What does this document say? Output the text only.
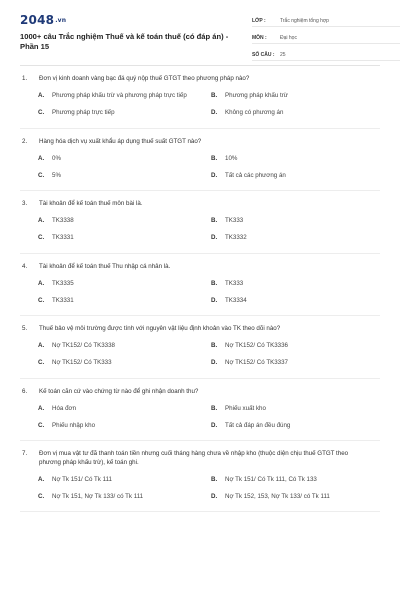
2048.vn
1000+ câu Trắc nghiệm Thuế và kế toán thuế (có đáp án) - Phần 15
LỚP :	Trắc nghiệm tổng hợp
MÔN :	Đại học
SỐ CÂU :	25
1.	Đơn vị kinh doanh vàng bạc đá quý nộp thuế GTGT theo phương pháp nào?
A.	Phương pháp khấu trừ và phương pháp trực tiếp	B.	Phương pháp khấu trừ
C.	Phương pháp trực tiếp	D.	Không có phương án
2.	Hàng hóa dịch vụ xuất khẩu áp dụng thuế suất GTGT nào?
A.	0%	B.	10%
C.	5%	D.	Tất cả các phương án
3.	Tài khoản để kế toán thuế môn bài là.
A.	TK3338	B.	TK333
C.	TK3331	D.	TK3332
4.	Tài khoản để kế toán thuế Thu nhập cá nhân là.
A.	TK3335	B.	TK333
C.	TK3331	D.	TK3334
5.	Thuế bảo vệ môi trường được tính với nguyên vật liệu định khoản vào TK theo dõi nào?
A.	Nợ TK152/ Có TK3338	B.	Nợ TK152/ Có TK3336
C.	Nợ TK152/ Có TK333	D.	Nợ TK152/ Có TK3337
6.	Kế toán căn cứ vào chứng từ nào để ghi nhận doanh thu?
A.	Hóa đơn	B.	Phiếu xuất kho
C.	Phiếu nhập kho	D.	Tất cả đáp án đều đúng
7.	Đơn vị mua vật tư đã thanh toán tiền nhưng cuối tháng hàng chưa về nhập kho (thuộc diện chịu thuế GTGT theo phương pháp khấu trừ), kế toán ghi.
A.	Nợ Tk 151/ Có Tk 111	B.	Nợ Tk 151/ Có Tk 111, Có Tk 133
C.	Nợ Tk 151, Nợ Tk 133/ có Tk 111	D.	Nợ Tk 152, 153, Nợ Tk 133/ có Tk 111
